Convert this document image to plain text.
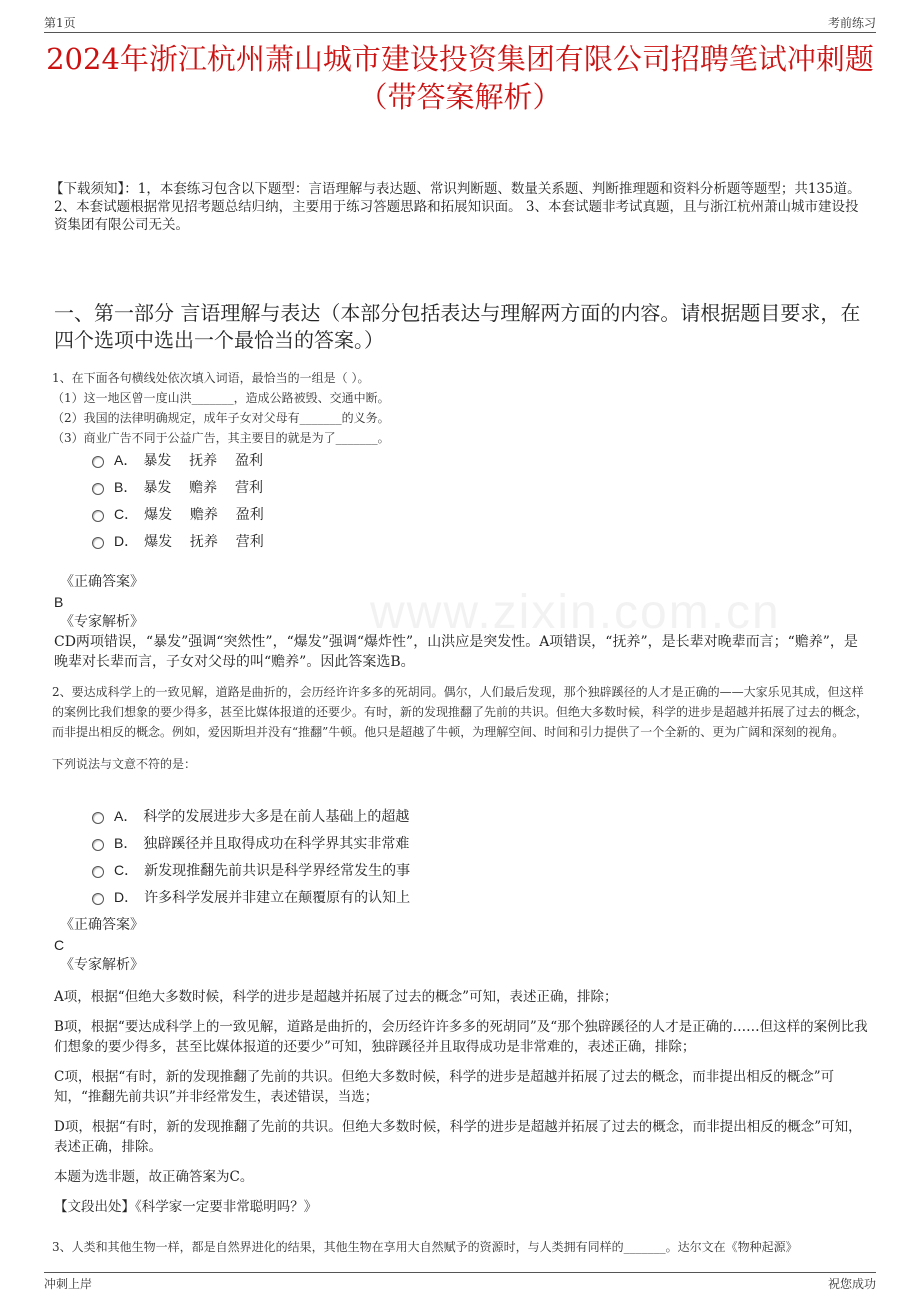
第1页	考前练习
2024年浙江杭州萧山城市建设投资集团有限公司招聘笔试冲刺题（带答案解析）
【下载须知】：1，本套练习包含以下题型：言语理解与表达题、常识判断题、数量关系题、判断推理题和资料分析题等题型；共135道。 2、本套试题根据常见招考题总结归纳，主要用于练习答题思路和拓展知识面。 3、本套试题非考试真题，且与浙江杭州萧山城市建设投资集团有限公司无关。
一、第一部分 言语理解与表达（本部分包括表达与理解两方面的内容。请根据题目要求，在四个选项中选出一个最恰当的答案。）
www.zixin.com.cn

1、在下面各句横线处依次填入词语，最恰当的一组是（ ）。

（1）这一地区曾一度山洪_______，造成公路被毁、交通中断。

（2）我国的法律明确规定，成年子女对父母有_______的义务。

（3）商业广告不同于公益广告，其主要目的就是为了_______。

A． 暴发    抚养    盈利
B． 暴发    赡养    营利
C． 爆发    赡养    盈利
D． 爆发    抚养    营利

《正确答案》

B

《专家解析》

CD两项错误，“暴发”强调“突然性”，“爆发”强调“爆炸性”，山洪应是突发性。A项错误，“抚养”，是长辈对晚辈而言；“赡养”，是晚辈对长辈而言，子女对父母的叫“赡养”。因此答案选B。

2、要达成科学上的一致见解，道路是曲折的，会历经许许多多的死胡同。偶尔，人们最后发现，那个独辟蹊径的人才是正确的——大家乐见其成，但这样的案例比我们想象的要少得多，甚至比媒体报道的还要少。有时，新的发现推翻了先前的共识。但绝大多数时候，科学的进步是超越并拓展了过去的概念，而非提出相反的概念。例如，爱因斯坦并没有“推翻”牛顿。他只是超越了牛顿，为理解空间、时间和引力提供了一个全新的、更为广阔和深刻的视角。

下列说法与文意不符的是：

A． 科学的发展进步大多是在前人基础上的超越
B． 独辟蹊径并且取得成功在科学界其实非常难
C． 新发现推翻先前共识是科学界经常发生的事
D． 许多科学发展并非建立在颠覆原有的认知上

《正确答案》

C

《专家解析》

A项，根据“但绝大多数时候，科学的进步是超越并拓展了过去的概念”可知，表述正确，排除；

B项，根据“要达成科学上的一致见解，道路是曲折的，会历经许许多多的死胡同”及“那个独辟蹊径的人才是正确的……但这样的案例比我们想象的要少得多，甚至比媒体报道的还要少”可知，独辟蹊径并且取得成功是非常难的，表述正确，排除；

C项，根据“有时，新的发现推翻了先前的共识。但绝大多数时候，科学的进步是超越并拓展了过去的概念，而非提出相反的概念”可知，“推翻先前共识”并非经常发生，表述错误，当选；

D项，根据“有时，新的发现推翻了先前的共识。但绝大多数时候，科学的进步是超越并拓展了过去的概念，而非提出相反的概念”可知，表述正确，排除。

本题为选非题，故正确答案为C。

【文段出处】《科学家一定要非常聪明吗？》

3、人类和其他生物一样，都是自然界进化的结果，其他生物在享用大自然赋予的资源时，与人类拥有同样的_______。达尔文在《物种起源》

冲刺上岸	祝您成功
